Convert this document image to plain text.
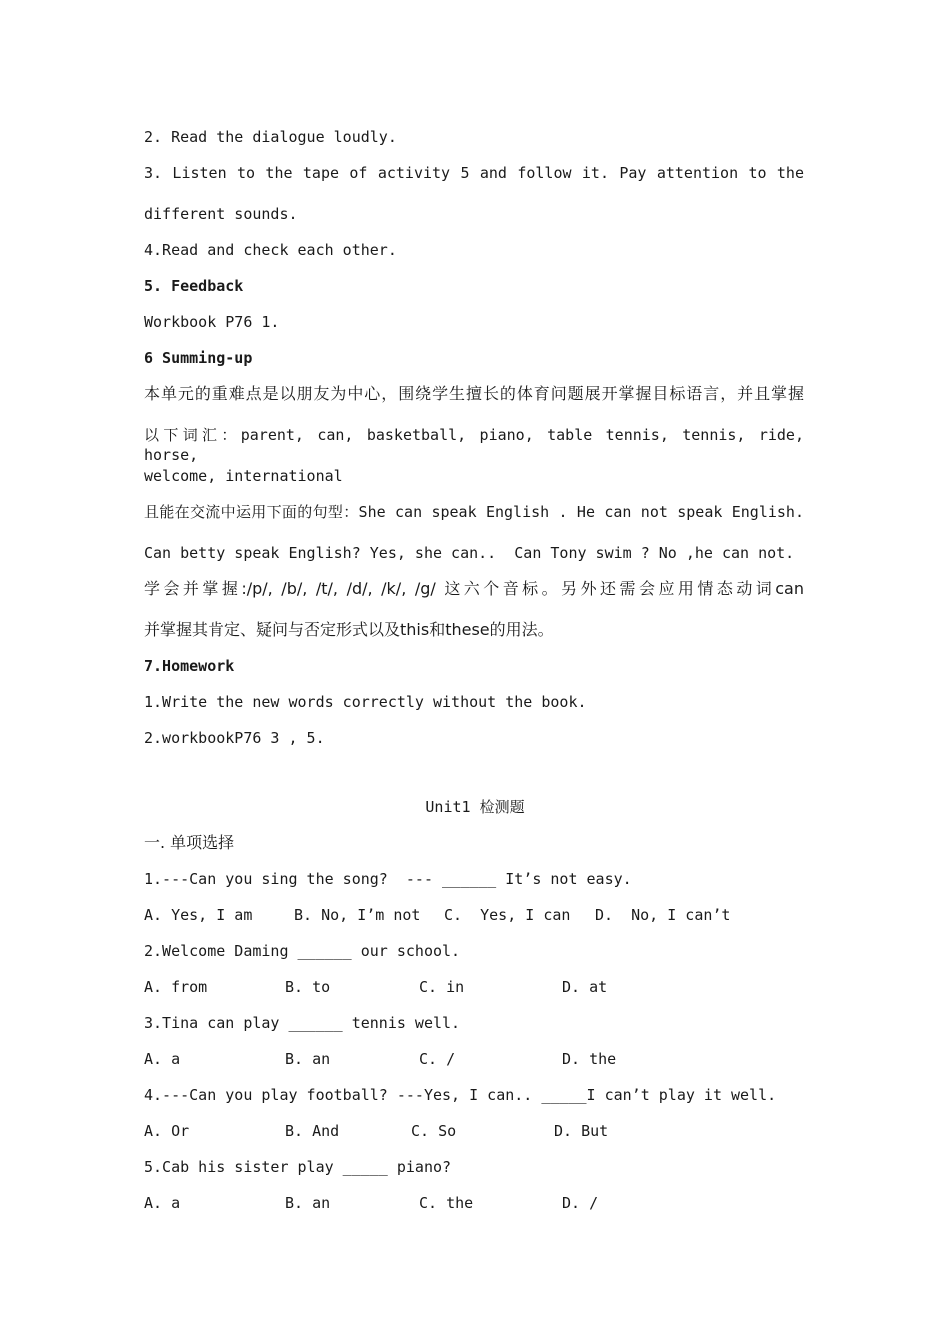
2. Read the dialogue loudly.
3. Listen to the tape of activity 5 and follow it. Pay attention to the
different sounds.
4.Read and check each other.
5. Feedback
Workbook P76 1.
6 Summing-up
本单元的重难点是以朋友为中心，围绕学生擅长的体育问题展开掌握目标语言，并且掌握
以下词汇：parent, can, basketball, piano, table tennis, tennis, ride, horse,
welcome, international
且能在交流中运用下面的句型：She can speak English . He can not speak English.
Can betty speak English? Yes, she can..  Can Tony swim ? No ,he can not.
学会并掌握:/p/, /b/, /t/, /d/, /k/, /g/ 这六个音标。另外还需会应用情态动词can
并掌握其肯定、疑问与否定形式以及this和these的用法。
7.Homework
1.Write the new words correctly without the book.
2.workbookP76 3 , 5.
Unit1 检测题
一. 单项选择
1.---Can you sing the song?  --- ______ It’s not easy.
A. Yes, I am	B. No, I’m not C.  Yes, I can D.  No, I can’t
2.Welcome Daming ______ our school.
A. from	B. to	C. in	D. at
3.Tina can play ______ tennis well.
A. a	B. an	C. /	D. the
4.---Can you play football? ---Yes, I can.. _____I can’t play it well.
A. Or	B. And	C. So	D. But
5.Cab his sister play _____ piano?
A. a	B. an	C. the	D. /
